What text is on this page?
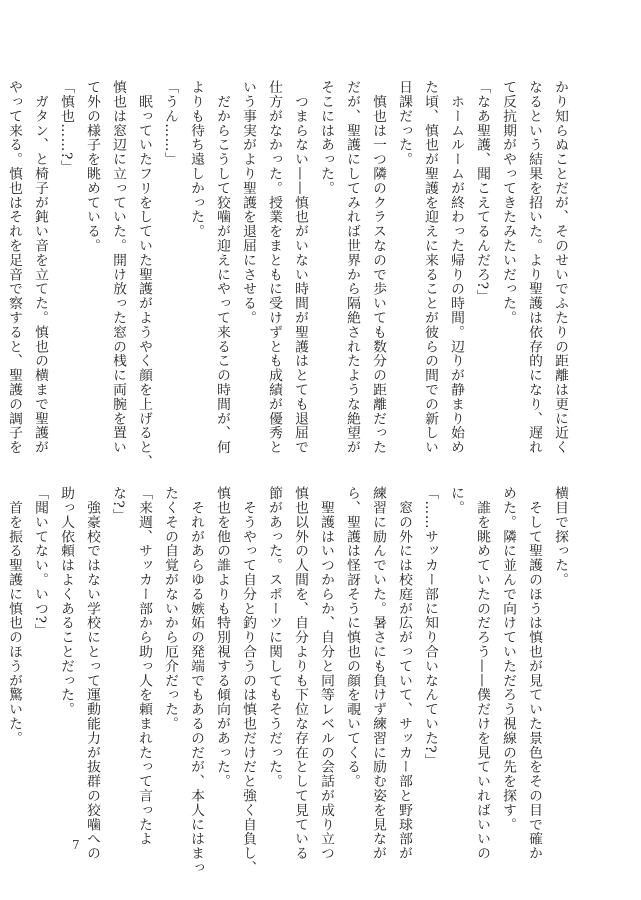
かり知らぬことだが、そのせいでふたりの距離は更に近く

なるという結果を招いた。より聖護は依存的になり、遅れ

て反抗期がやってきたみたいだった。

「なあ聖護、聞こえてるんだろ?」

　ホームルームが終わった帰りの時間。辺りが静まり始め

た頃、慎也が聖護を迎えに来ることが彼らの間での新しい

日課だった。

　慎也は一つ隣のクラスなので歩いても数分の距離だった

だが、聖護にしてみれば世界から隔絶されたような絶望が

そこにはあった。

　つまらない——慎也がいない時間が聖護はとても退屈で

仕方がなかった。授業をまともに受けずとも成績が優秀と

いう事実がより聖護を退屈にさせる。

　だからこうして狡噛が迎えにやって来るこの時間が、何

よりも待ち遠しかった。

「うん……」

　眠っていたフリをしていた聖護がようやく顔を上げると、

慎也は窓辺に立っていた。開け放った窓の桟に両腕を置い

て外の様子を眺めている。

「慎也……?」

　ガタン、と椅子が鈍い音を立てた。慎也の横まで聖護が

やって来る。慎也はそれを足音で察すると、聖護の調子を

横目で探った。

　そして聖護のほうは慎也が見ていた景色をその目で確か

めた。隣に並んで向けていただろう視線の先を探す。

　誰を眺めていたのだろう——僕だけを見ていればいいの

に。

「……サッカー部に知り合いなんていた?」

　窓の外には校庭が広がっていて、サッカー部と野球部が

練習に励んでいた。暑さにも負けず練習に励む姿を見なが

ら、聖護は怪訝そうに慎也の顔を覗いてくる。

　聖護はいつからか、自分と同等レベルの会話が成り立つ

慎也以外の人間を、自分よりも下位な存在として見ている

節があった。スポーツに関してもそうだった。

　そうやって自分と釣り合うのは慎也だけだと強く自負し、

慎也を他の誰よりも特別視する傾向があった。

　それがあらゆる嫉妬の発端でもあるのだが、本人にはまっ

たくその自覚がないから厄介だった。

「来週、サッカー部から助っ人を頼まれたって言ったよ

な?」

　強豪校ではない学校にとって運動能力が抜群の狡噛への

助っ人依頼はよくあることだった。

「聞いてない。いつ?」

　首を振る聖護に慎也のほうが驚いた。

7
